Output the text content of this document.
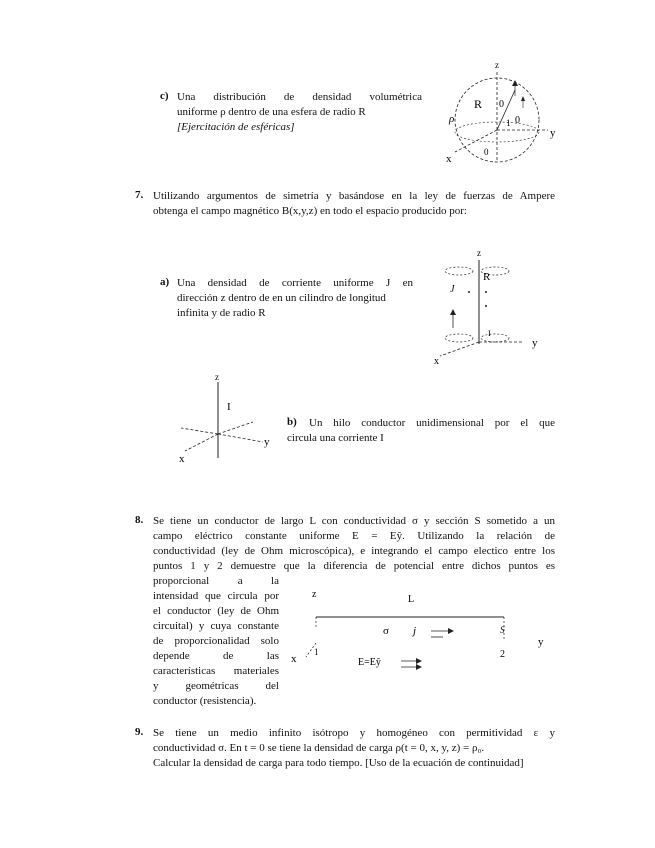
c) Una distribución de densidad volumétrica
uniforme ρ dentro de una esfera de radio R
[Ejercitación de esféricas]
z
y
x
R
ρ
0
0
0
1
7. Utilizando argumentos de simetría y basándose en la ley de fuerzas de Ampere
obtenga el campo magnético B(x,y,z) en todo el espacio producido por:
a) Una densidad de corriente uniforme J en
dirección z dentro de en un cilindro de longitud
infinita y de radio R
z
R
J
y
x
I
z
I
y
x
b) Un hilo conductor unidimensional por el que
circula una corriente I
8. Se tiene un conductor de largo L con conductividad σ y sección S sometido a un
campo eléctrico constante uniforme E = Eŷ. Utilizando la relación de
conductividad (ley de Ohm microscópica), e integrando el campo electico entre los
puntos 1 y 2 demuestre que la diferencia de potencial entre dichos puntos es
proporcional a la
intensidad que circula por
el conductor (ley de Ohm
circuital) y cuya constante
de proporcionalidad solo
depende de las
características materiales
y geométricas del
conductor (resistencia).
z	L
σ j	S
y
x
1	2
E=Eŷ
9. Se tiene un medio infinito isótropo y homogéneo con permitividad ε y
conductividad σ. En t = 0 se tiene la densidad de carga ρ(t = 0, x, y, z) = ρ₀.
Calcular la densidad de carga para todo tiempo. [Uso de la ecuación de continuidad]
